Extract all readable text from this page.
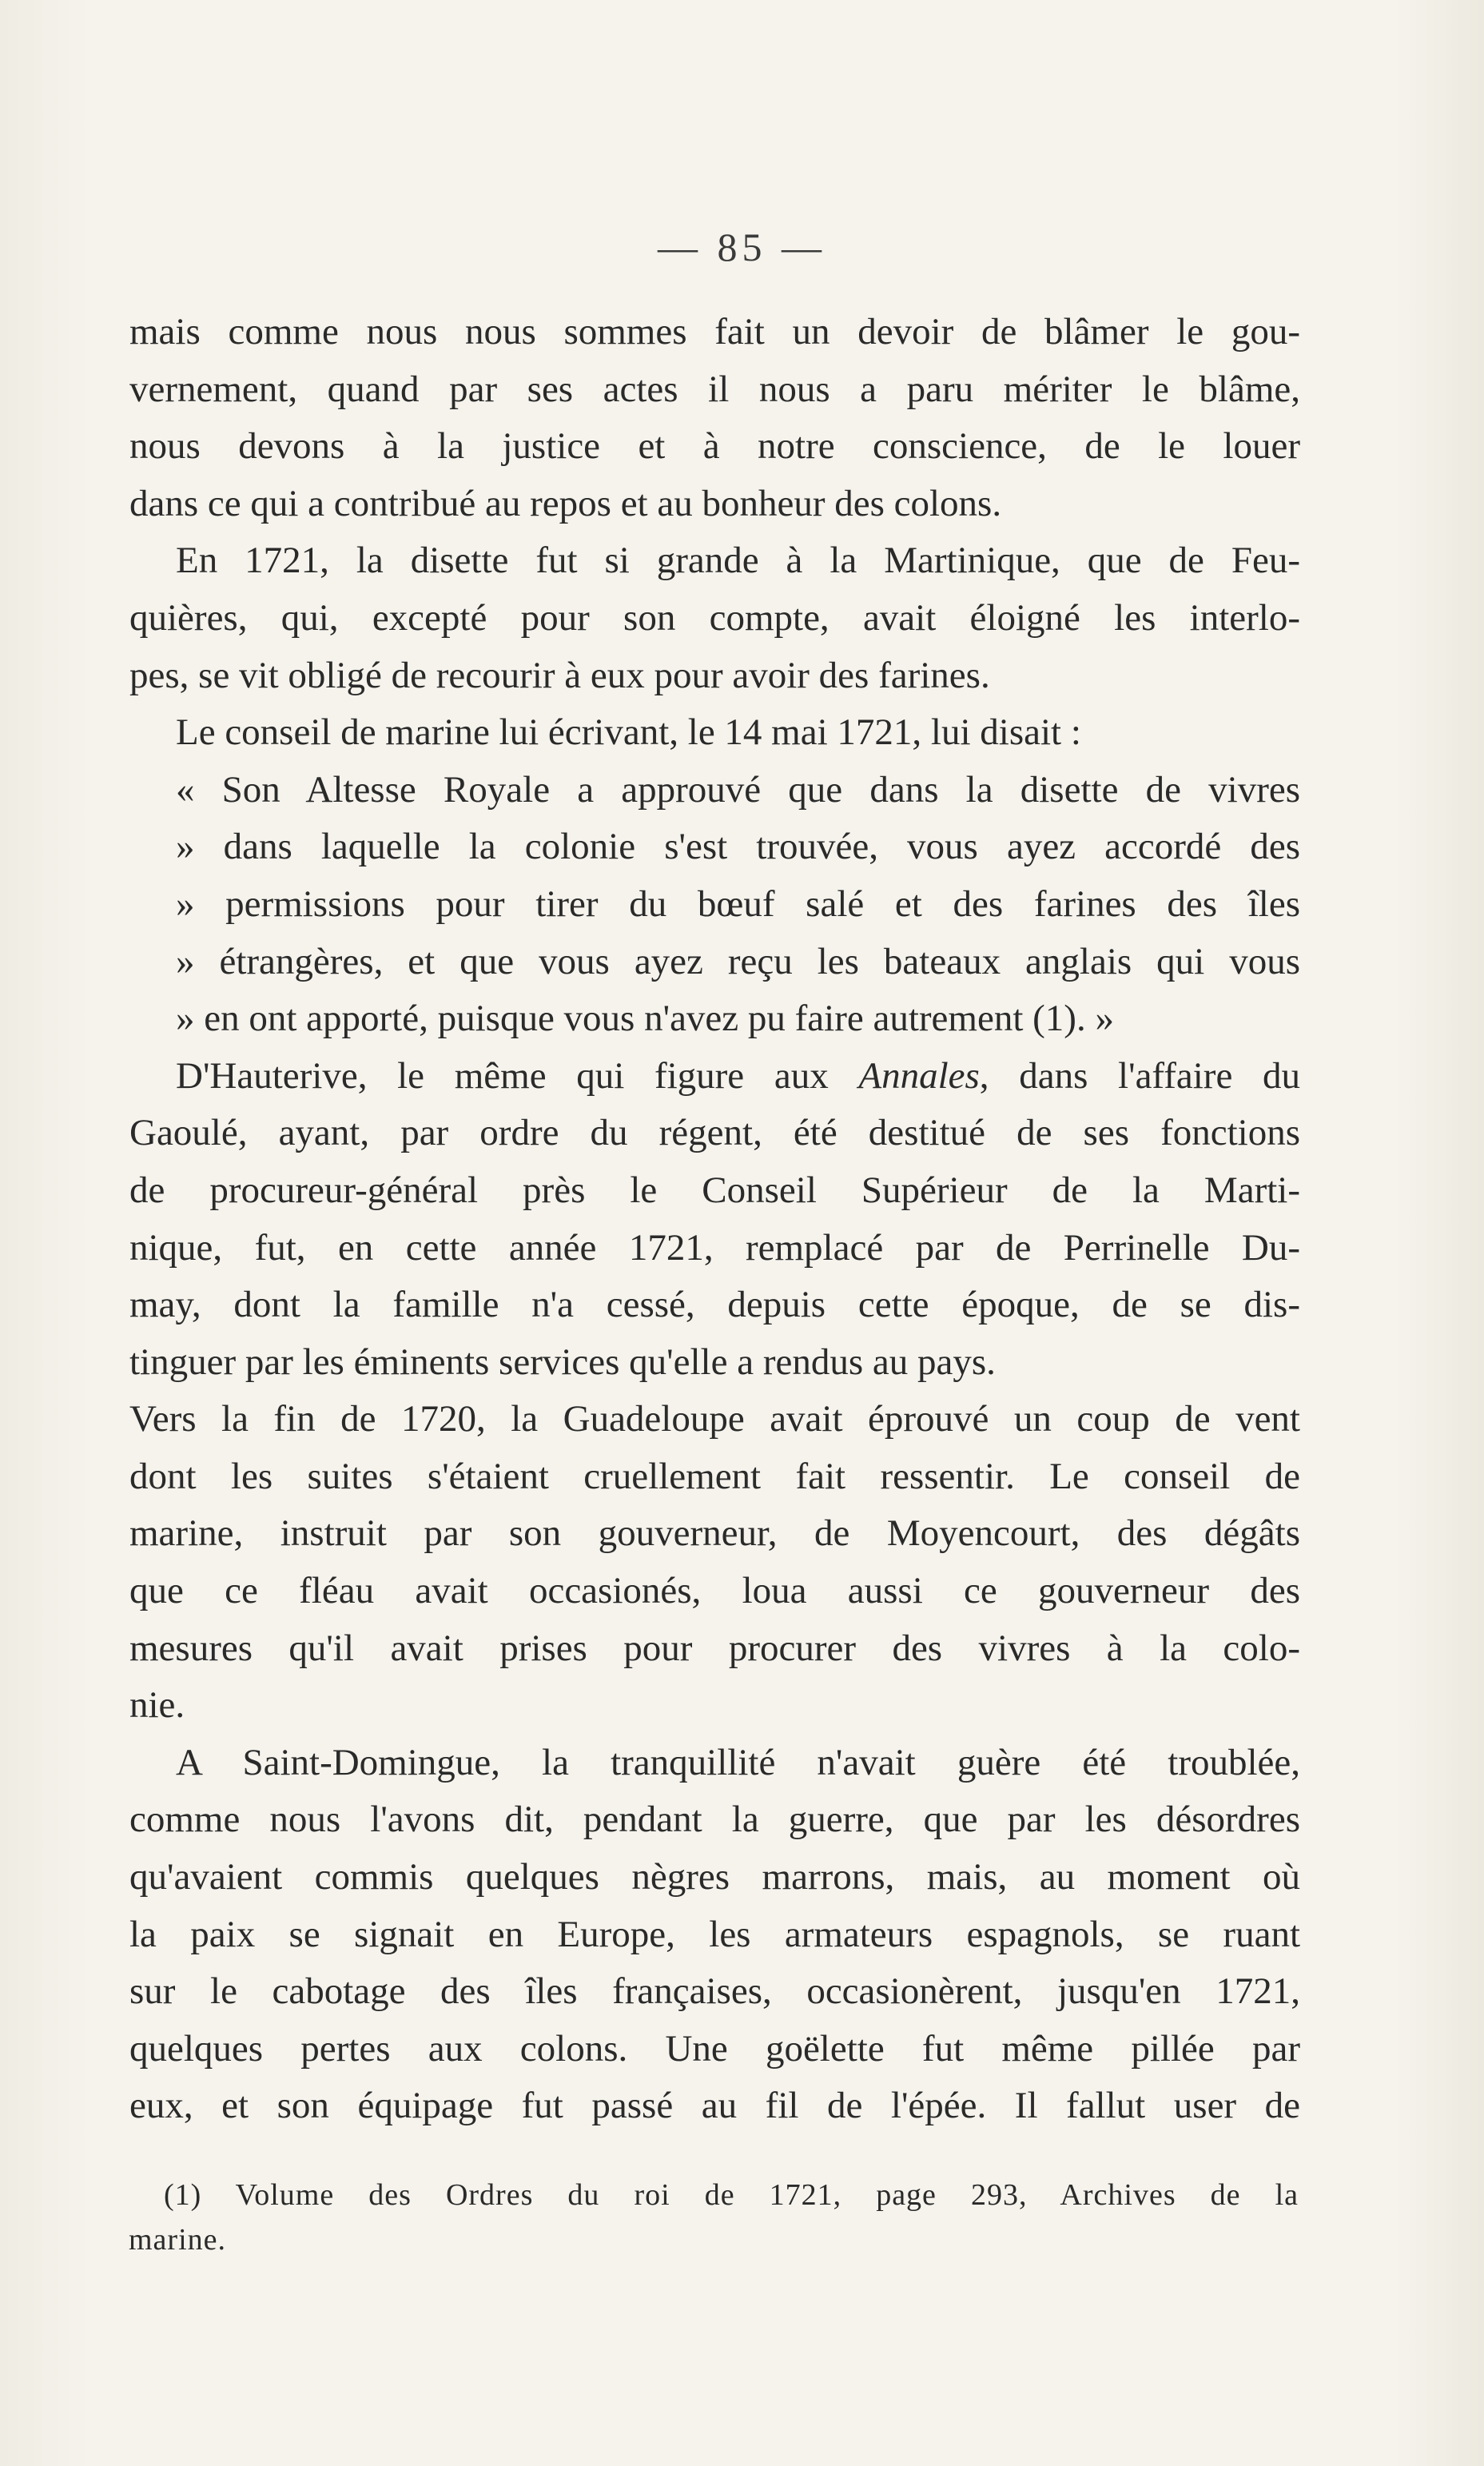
— 85 —
mais comme nous nous sommes fait un devoir de blâmer le gou-
vernement, quand par ses actes il nous a paru mériter le blâme,
nous devons à la justice et à notre conscience, de le louer
dans ce qui a contribué au repos et au bonheur des colons.
En 1721, la disette fut si grande à la Martinique, que de Feu-
quières, qui, excepté pour son compte, avait éloigné les interlo-
pes, se vit obligé de recourir à eux pour avoir des farines.
Le conseil de marine lui écrivant, le 14 mai 1721, lui disait :
« Son Altesse Royale a approuvé que dans la disette de vivres
» dans laquelle la colonie s'est trouvée, vous ayez accordé des
» permissions pour tirer du bœuf salé et des farines des îles
» étrangères, et que vous ayez reçu les bateaux anglais qui vous
» en ont apporté, puisque vous n'avez pu faire autrement (1). »
D'Hauterive, le même qui figure aux Annales, dans l'affaire du
Gaoulé, ayant, par ordre du régent, été destitué de ses fonctions
de procureur-général près le Conseil Supérieur de la Marti-
nique, fut, en cette année 1721, remplacé par de Perrinelle Du-
may, dont la famille n'a cessé, depuis cette époque, de se dis-
tinguer par les éminents services qu'elle a rendus au pays.
Vers la fin de 1720, la Guadeloupe avait éprouvé un coup de vent
dont les suites s'étaient cruellement fait ressentir. Le conseil de
marine, instruit par son gouverneur, de Moyencourt, des dégâts
que ce fléau avait occasionés, loua aussi ce gouverneur des
mesures qu'il avait prises pour procurer des vivres à la colo-
nie.
A Saint-Domingue, la tranquillité n'avait guère été troublée,
comme nous l'avons dit, pendant la guerre, que par les désordres
qu'avaient commis quelques nègres marrons, mais, au moment où
la paix se signait en Europe, les armateurs espagnols, se ruant
sur le cabotage des îles françaises, occasionèrent, jusqu'en 1721,
quelques pertes aux colons. Une goëlette fut même pillée par
eux, et son équipage fut passé au fil de l'épée. Il fallut user de
(1) Volume des Ordres du roi de 1721, page 293, Archives de la
marine.
